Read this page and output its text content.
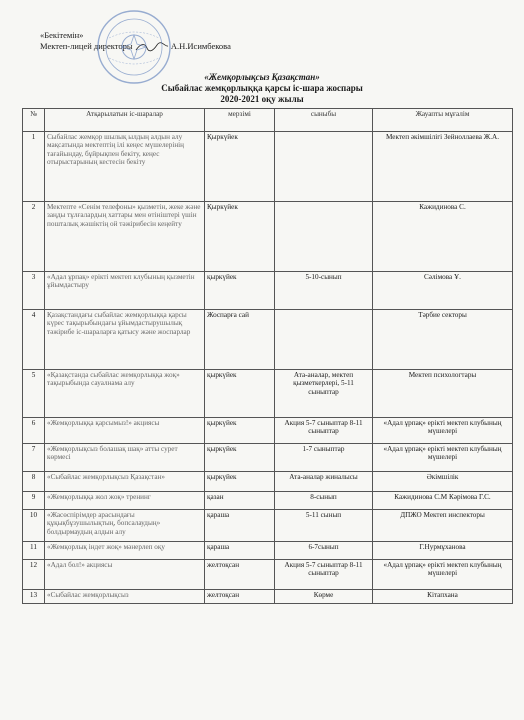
«Бекітемін»
Мектеп-лицей директоры	А.Н.Исимбекова
«Жемқорлықсыз Қазақстан»
Сыбайлас жемқорлыққа қарсы іс-шара жоспары
2020-2021 оқу жылы
№	Атқарылатын іс-шаралар	мерзімі	сыныбы	Жауапты мұғалім
1	Сыбайлас жемқор шылық ылдың алдын алу мақсатында мектептің ілі кеңес мүшелерінің тағайындау, бұйрықпен бекіту, кеңес отырыстарының кестесін бекіту	Қыркүйек		Мектеп әкімшілігі Зейноллаева Ж.А.
2	Мектепте «Сенім телефоны» қызметін, жеке және заңды тұлғалардың хаттары мен өтініштері үшін пошталық жәшіктің ой тәжірибесін кеңейту	Қыркүйек		Кажидинова С.
3	«Адал ұрпақ» еріктi мектеп клубының қызметін ұйымдастыру	қыркүйек	5-10-сынып	Сәлімова Ұ.
4	Қазақстандағы сыбайлас жемқорлыққа қарсы күрес тақырыбындағы ұйымдастырушылық тәжірибе іс-шараларға қатысу және жоспарлар	Жоспарға сай		Тәрбие секторы
5	«Қазақстанда сыбайлас жемқорлыққа жоқ» тақырыбында сауалнама алу	қыркүйек	Ата-аналар, мектеп қызметкерлері, 5-11 сыныптар	Мектеп психологтары
6	«Жемқорлыққа қарсымыз!» акциясы	қыркүйек	Акция 5-7 сыныптар 8-11 сыныптар	«Адал ұрпақ» ерікті мектеп клубының мүшелері
7	«Жемқорлықсыз болашақ шақ» атты сурет көрмесі	қыркүйек	1-7 сыныптар	«Адал ұрпақ» ерікті мектеп клубының мүшелері
8	«Сыбайлас жемқорлықсыз Қазақстан»	қыркүйек	Ата-аналар жиналысы	Әкімшілік
9	«Жемқорлыққа жол жоқ» тренинг	қазан	8-сынып	Кажидинова С.М Кәрімова Г.С.
10	«Жасөспірімдер арасындағы құқықбұзушылықтың, бопсалаудың» болдырмаудың алдын алу	қараша	5-11 сынып	ДПЖО Мектеп инспекторы
11	«Жемқорлық індет жоқ» мәнерлеп оқу	қараша	6-7сынып	Г.Нурмұханова
12	«Адал бол!» акциясы	желтоқсан	Акция 5-7 сыныптар 8-11 сыныптар	«Адал ұрпақ» ерікті мектеп клубының мүшелері
13	«Сыбайлас жемқорлықсыз	желтоқсан	Көрме	Кітапхана
